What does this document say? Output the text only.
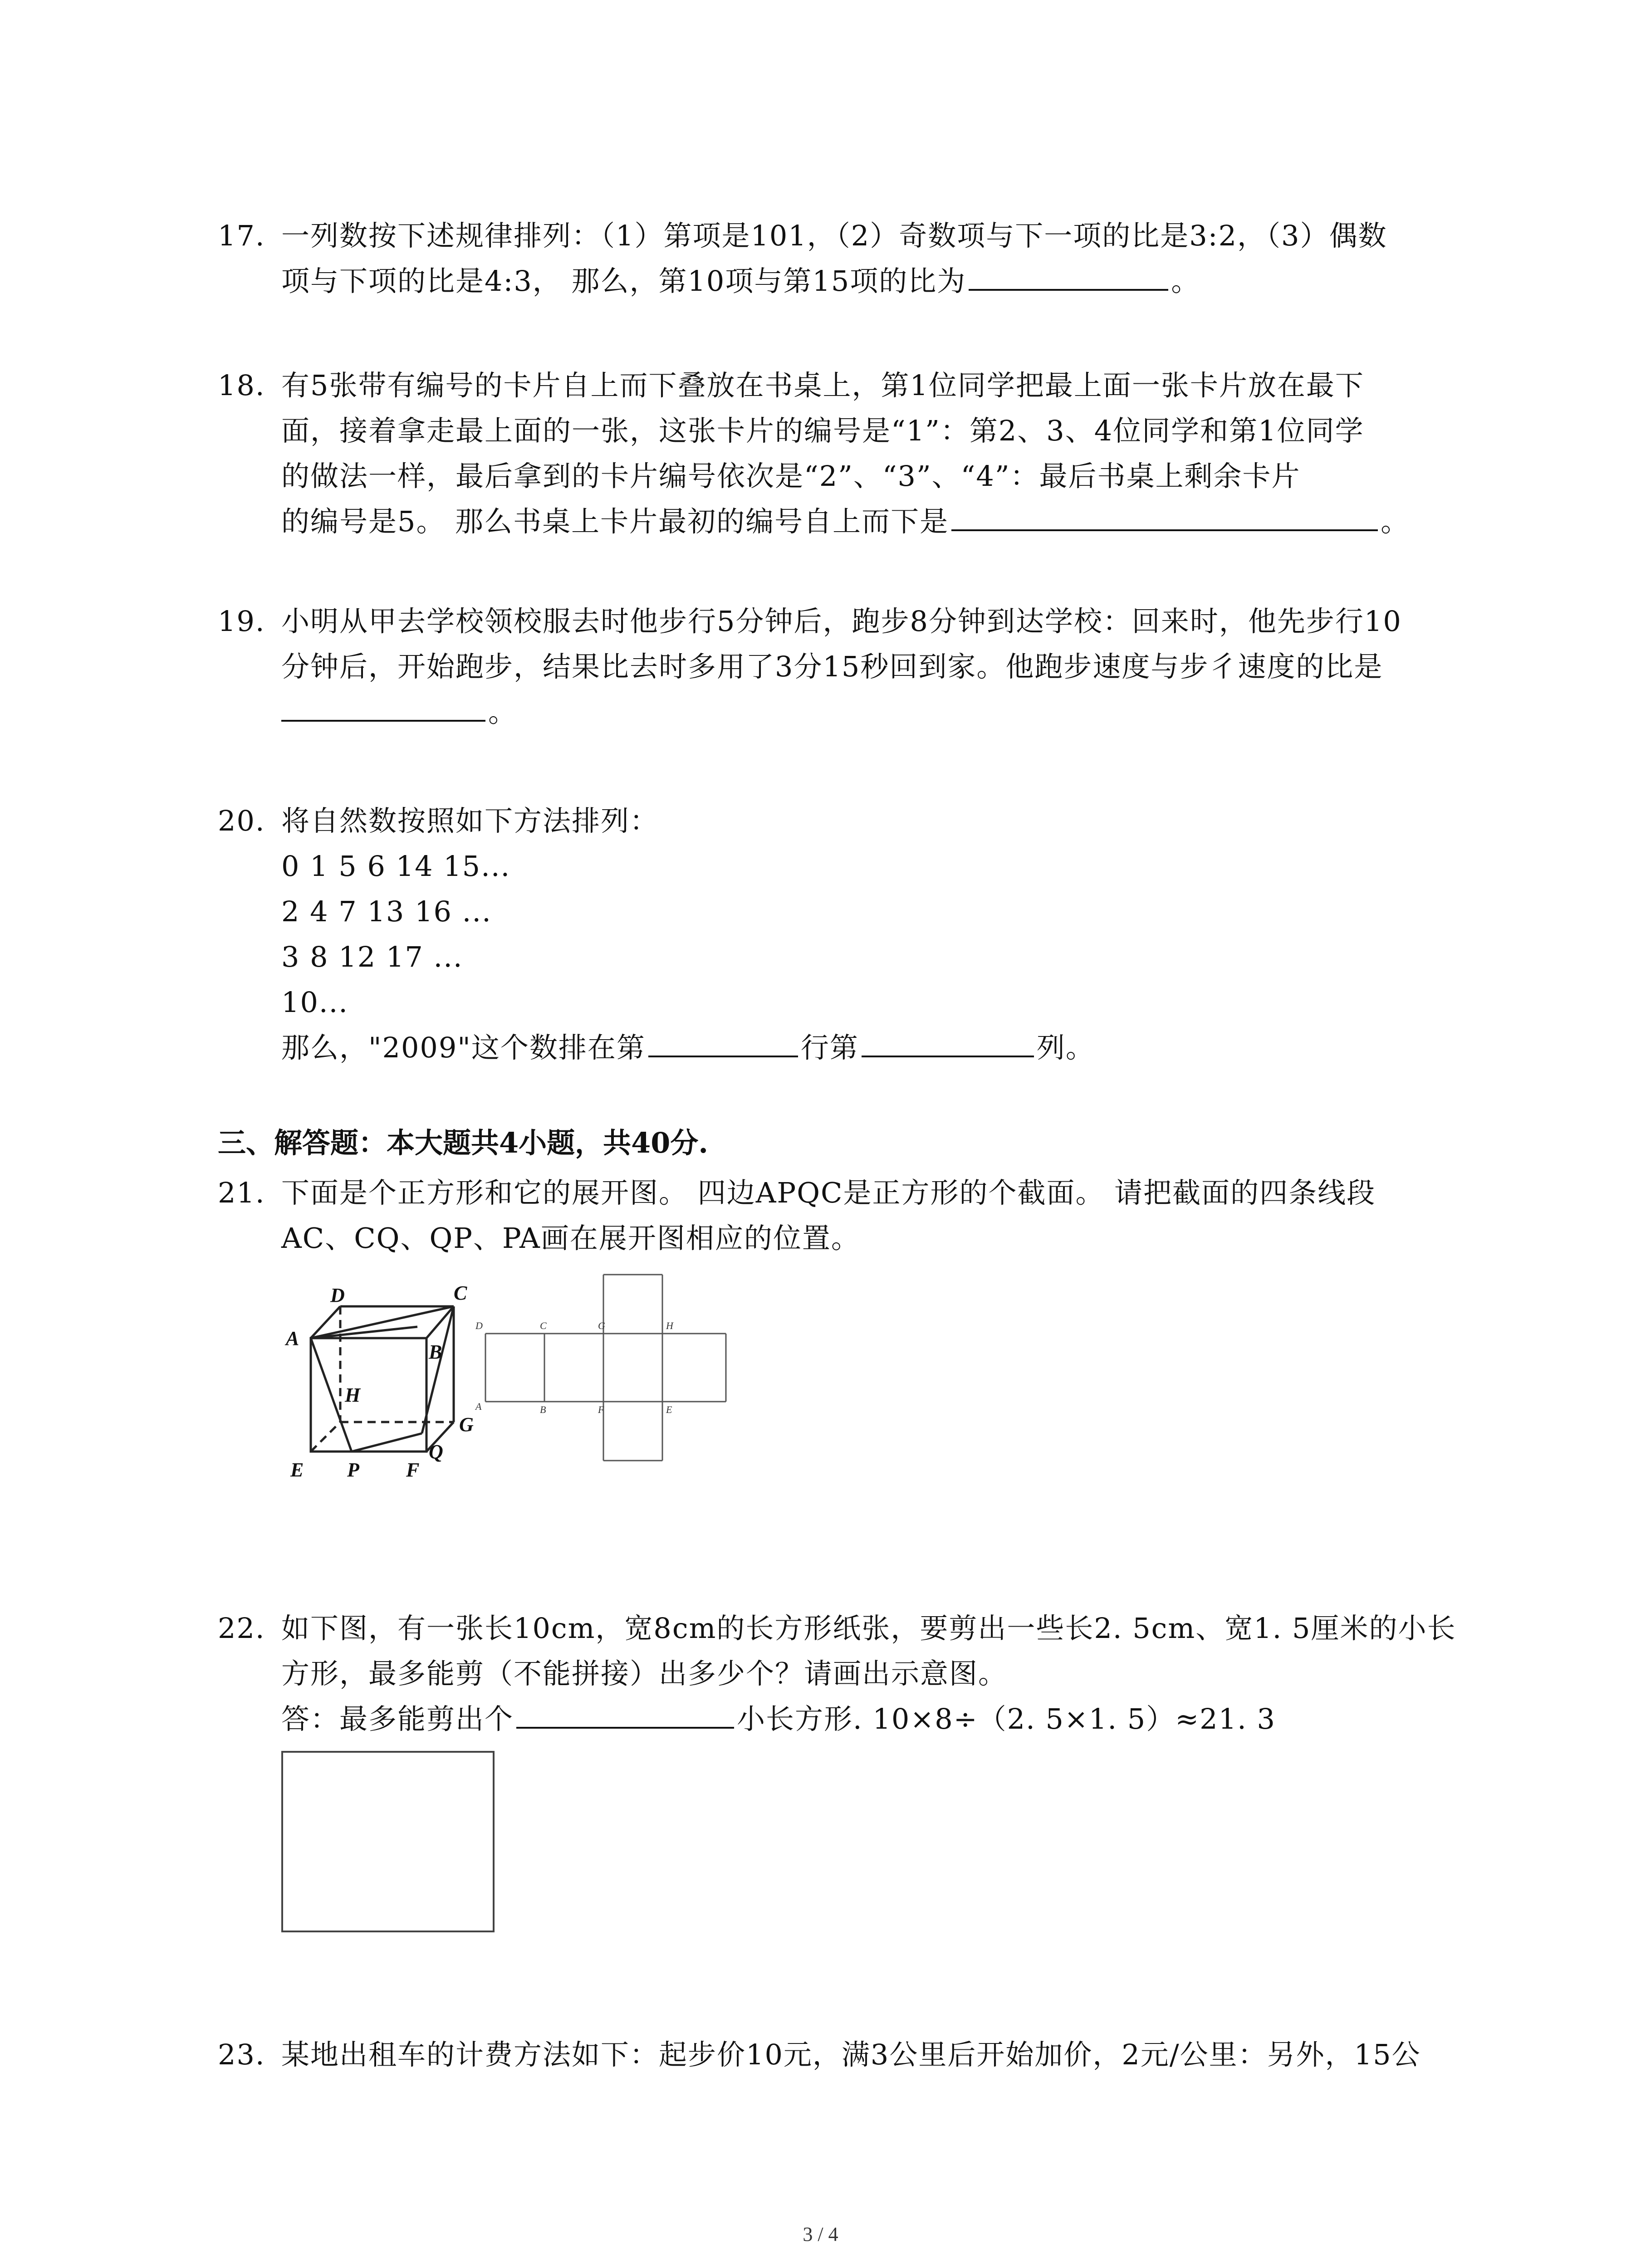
17. 一列数按下述规律排列：（1）第项是101，（2）奇数项与下一项的比是3:2，（3）偶数
项与下项的比是4:3， 那么，第10项与第15项的比为	。
18. 有5张带有编号的卡片自上而下叠放在书桌上，第1位同学把最上面一张卡片放在最下
面，接着拿走最上面的一张，这张卡片的编号是“1”：第2、3、4位同学和第1位同学
的做法一样，最后拿到的卡片编号依次是“2”、“3”、“4”：最后书桌上剩余卡片
的编号是5。 那么书桌上卡片最初的编号自上而下是	。
19. 小明从甲去学校领校服去时他步行5分钟后，跑步8分钟到达学校：回来时，他先步行10
分钟后，开始跑步，结果比去时多用了3分15秒回到家。他跑步速度与步彳速度的比是
。
20. 将自然数按照如下方法排列：
0 1 5 6 14 15...
2 4 7 13 16 ...
3 8 12 17 ...
10...
那么，"2009"这个数排在第	行第	列。
三、解答题：本大题共4小题，共40分.
21. 下面是个正方形和它的展开图。 四边APQC是正方形的个截面。 请把截面的四条线段
AC、CQ、QP、PA画在展开图相应的位置。
D	C
A
B
H
G
E P F
Q
D	C	G	H
A	B	F	E
22. 如下图，有一张长10cm，宽8cm的长方形纸张，要剪出一些长2. 5cm、宽1. 5厘米的小长
方形，最多能剪（不能拼接）出多少个？请画出示意图。
答：最多能剪出个	小长方形. 10×8÷（2. 5×1. 5）≈21. 3
23. 某地出租车的计费方法如下：起步价10元，满3公里后开始加价，2元/公里：另外，15公
3 / 4
